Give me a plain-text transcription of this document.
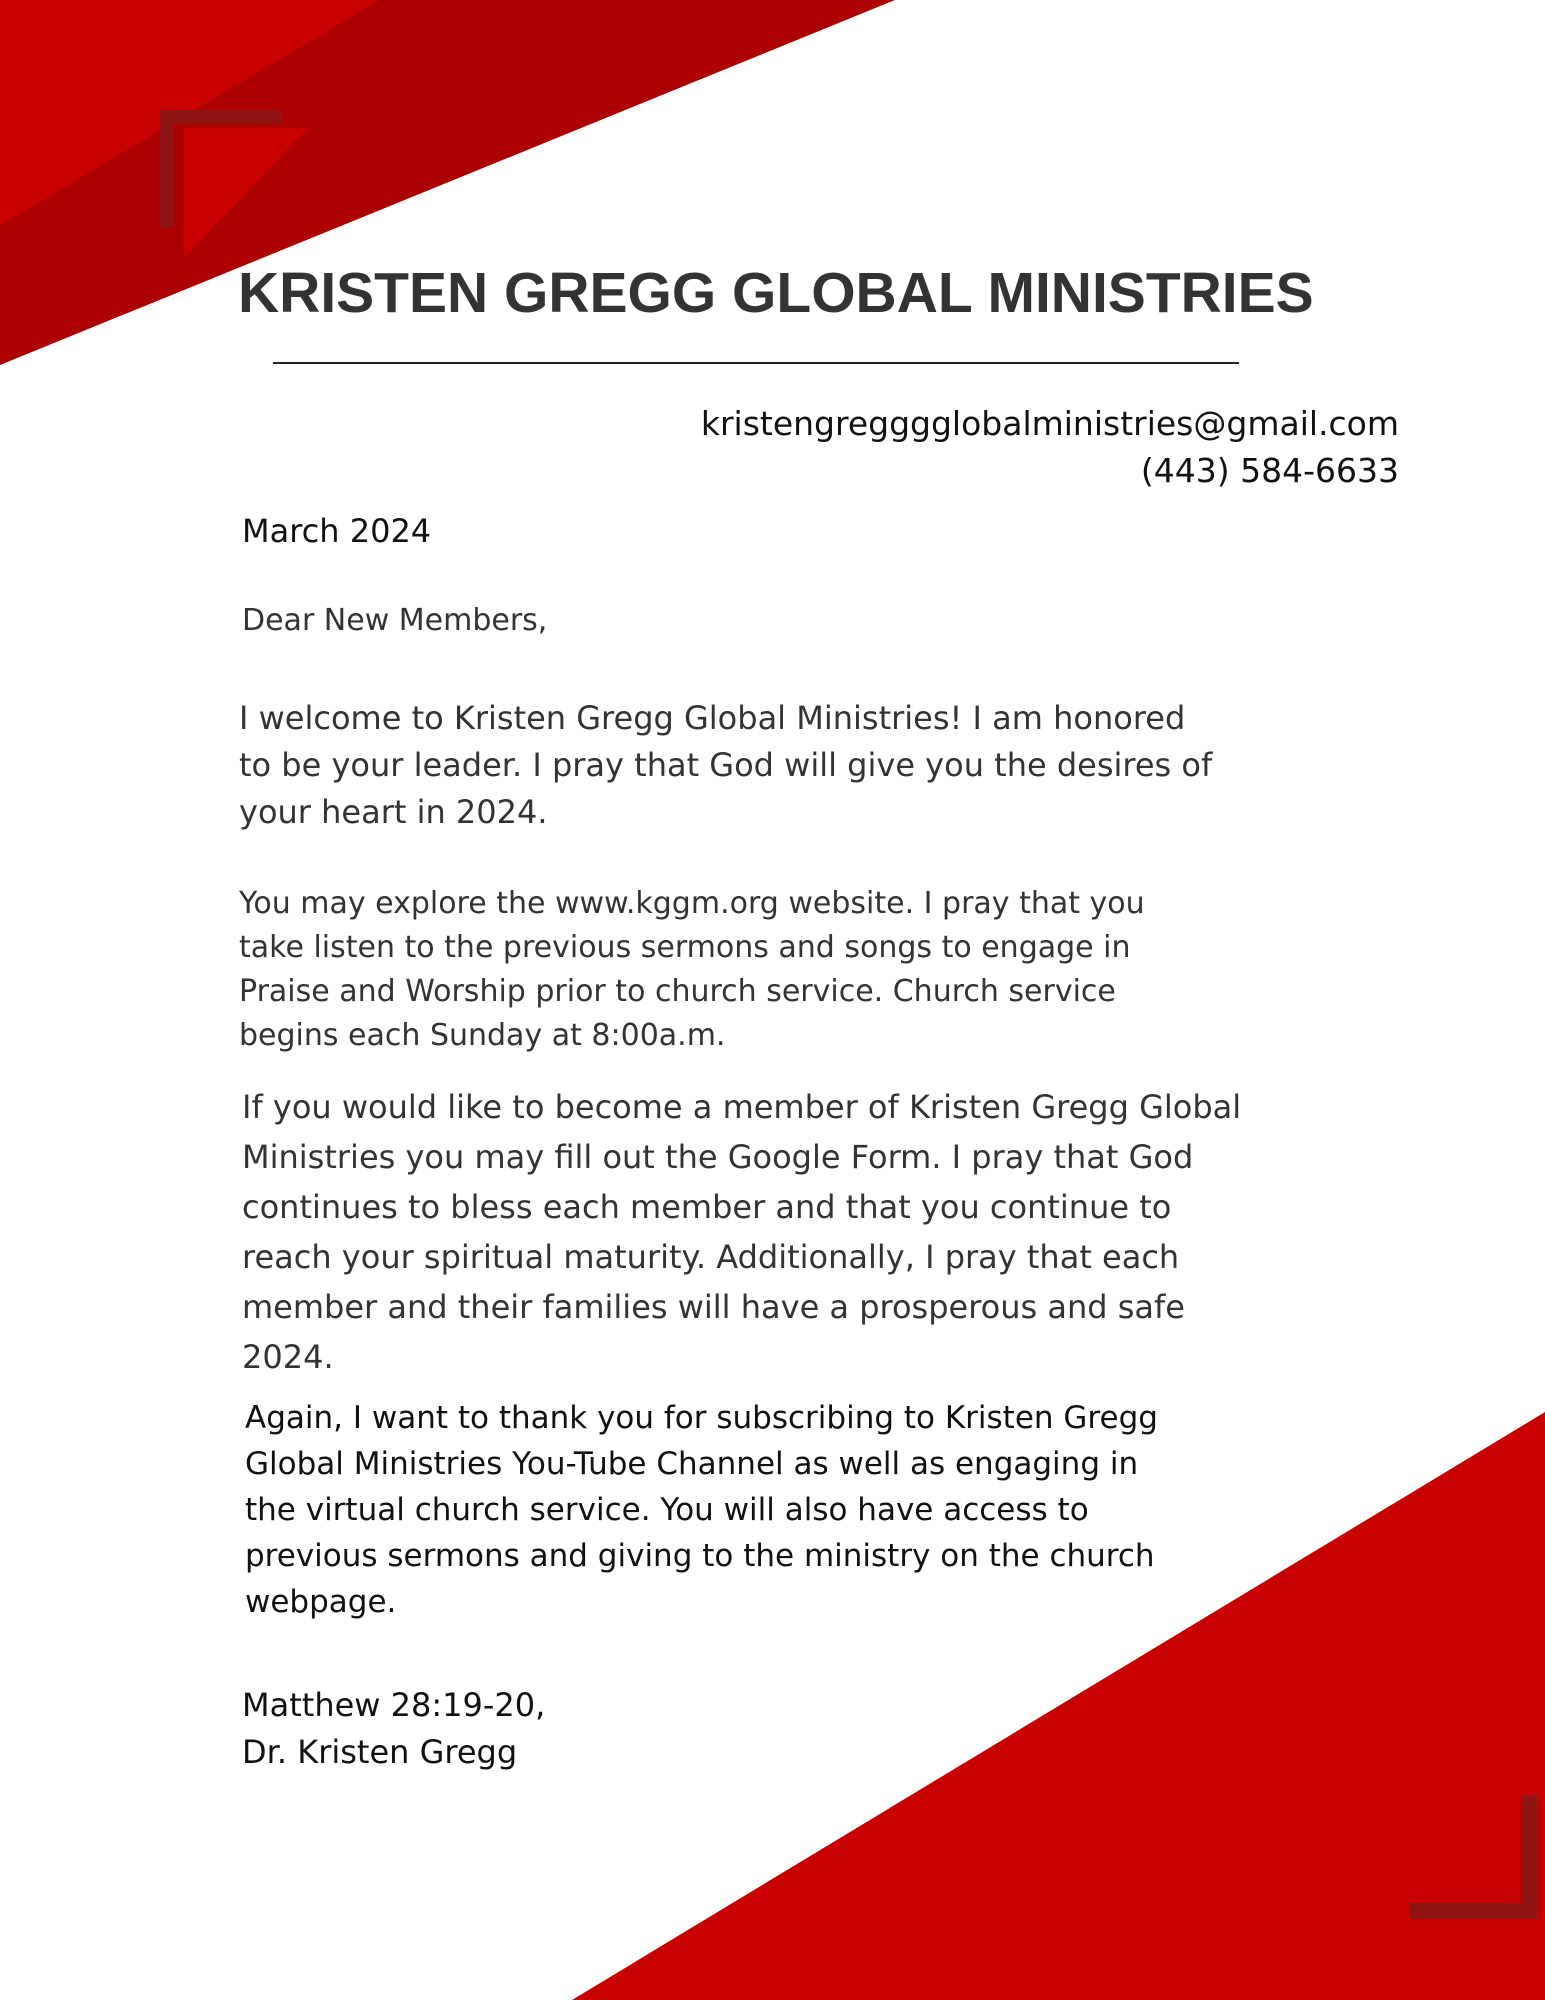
KRISTEN GREGG GLOBAL MINISTRIES
kristengregggglobalministries@gmail.com
(443) 584-6633
March 2024
Dear New Members,
I welcome to Kristen Gregg Global Ministries! I am honored
to be your leader. I pray that God will give you the desires of
your heart in 2024.
You may explore the www.kggm.org website. I pray that you
take listen to the previous sermons and songs to engage in
Praise and Worship prior to church service. Church service
begins each Sunday at 8:00a.m.
If you would like to become a member of Kristen Gregg Global
Ministries you may fill out the Google Form. I pray that God
continues to bless each member and that you continue to
reach your spiritual maturity. Additionally, I pray that each
member and their families will have a prosperous and safe
2024.
Again, I want to thank you for subscribing to Kristen Gregg
Global Ministries You-Tube Channel as well as engaging in
the virtual church service. You will also have access to
previous sermons and giving to the ministry on the church
webpage.
Matthew 28:19-20,
Dr. Kristen Gregg
